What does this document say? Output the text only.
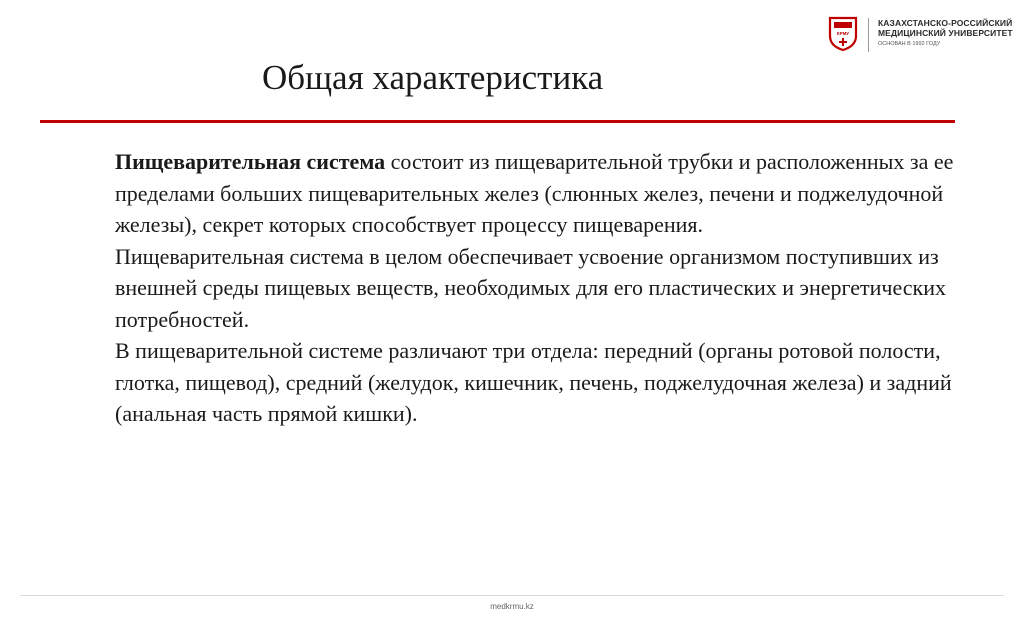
КРМУ
КАЗАХСТАНСКО-РОССИЙСКИЙ
МЕДИЦИНСКИЙ УНИВЕРСИТЕТ
ОСНОВАН В 1992 ГОДУ
Общая характеристика

Пищеварительная система состоит из пищеварительной трубки и расположенных за ее пределами больших пищеварительных желез (слюнных желез, печени и поджелудочной железы), секрет которых способствует процессу пищеварения.

Пищеварительная система в целом обеспечивает усвоение организмом поступивших из внешней среды пищевых веществ, необходимых для его пластических и энергетических потребностей.

В пищеварительной системе различают три отдела: передний (органы ротовой полости, глотка, пищевод), средний (желудок, кишечник, печень, поджелудочная железа) и задний (анальная часть прямой кишки).

medkrmu.kz
